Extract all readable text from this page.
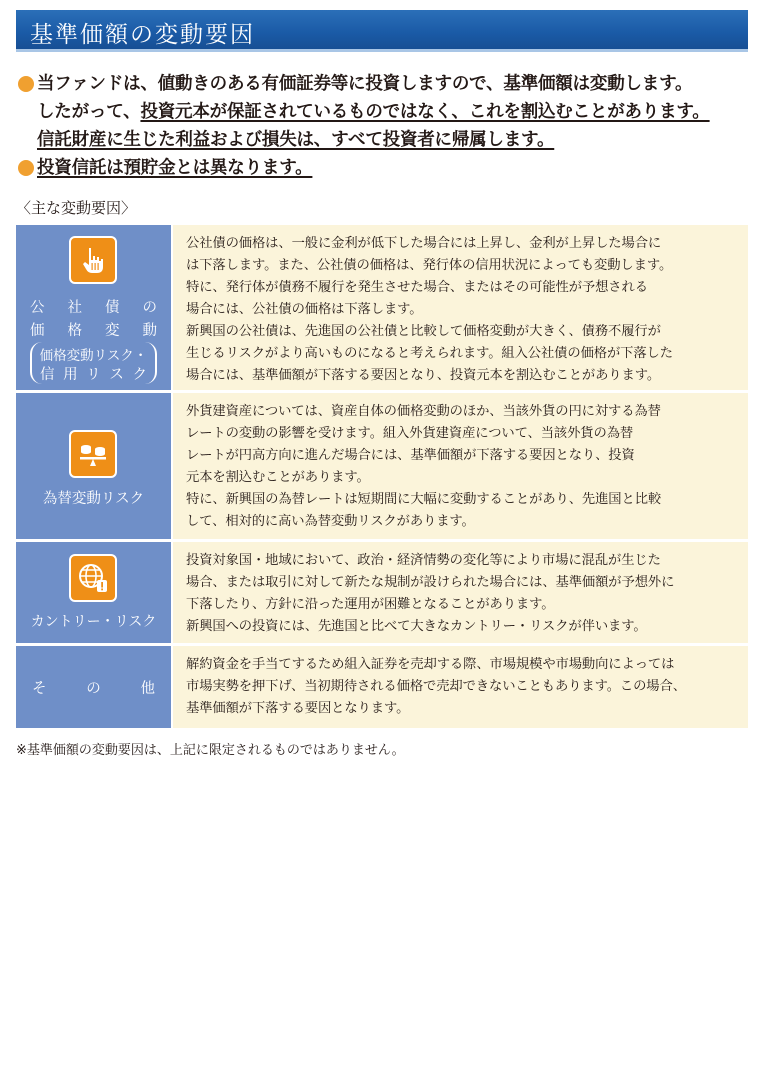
基準価額の変動要因
当ファンドは、値動きのある有価証券等に投資しますので、基準価額は変動します。
したがって、投資元本が保証されているものではなく、これを割込むことがあります。
信託財産に生じた利益および損失は、すべて投資者に帰属します。
投資信託は預貯金とは異なります。
〈主な変動要因〉
公 社 債 の
価 格 変 動
価格変動リスク・
信 用 リ ス ク

公社債の価格は、一般に金利が低下した場合には上昇し、金利が上昇した場合に

は下落します。また、公社債の価格は、発行体の信用状況によっても変動します。

特に、発行体が債務不履行を発生させた場合、またはその可能性が予想される

場合には、公社債の価格は下落します。

新興国の公社債は、先進国の公社債と比較して価格変動が大きく、債務不履行が

生じるリスクがより高いものになると考えられます。組入公社債の価格が下落した

場合には、基準価額が下落する要因となり、投資元本を割込むことがあります。

為替変動リスク

外貨建資産については、資産自体の価格変動のほか、当該外貨の円に対する為替

レートの変動の影響を受けます。組入外貨建資産について、当該外貨の為替

レートが円高方向に進んだ場合には、基準価額が下落する要因となり、投資

元本を割込むことがあります。

特に、新興国の為替レートは短期間に大幅に変動することがあり、先進国と比較

して、相対的に高い為替変動リスクがあります。

カントリー・リスク

投資対象国・地域において、政治・経済情勢の変化等により市場に混乱が生じた

場合、または取引に対して新たな規制が設けられた場合には、基準価額が予想外に

下落したり、方針に沿った運用が困難となることがあります。

新興国への投資には、先進国と比べて大きなカントリー・リスクが伴います。

そ	の	他

解約資金を手当てするため組入証券を売却する際、市場規模や市場動向によっては

市場実勢を押下げ、当初期待される価格で売却できないこともあります。この場合、

基準価額が下落する要因となります。

※基準価額の変動要因は、上記に限定されるものではありません。
